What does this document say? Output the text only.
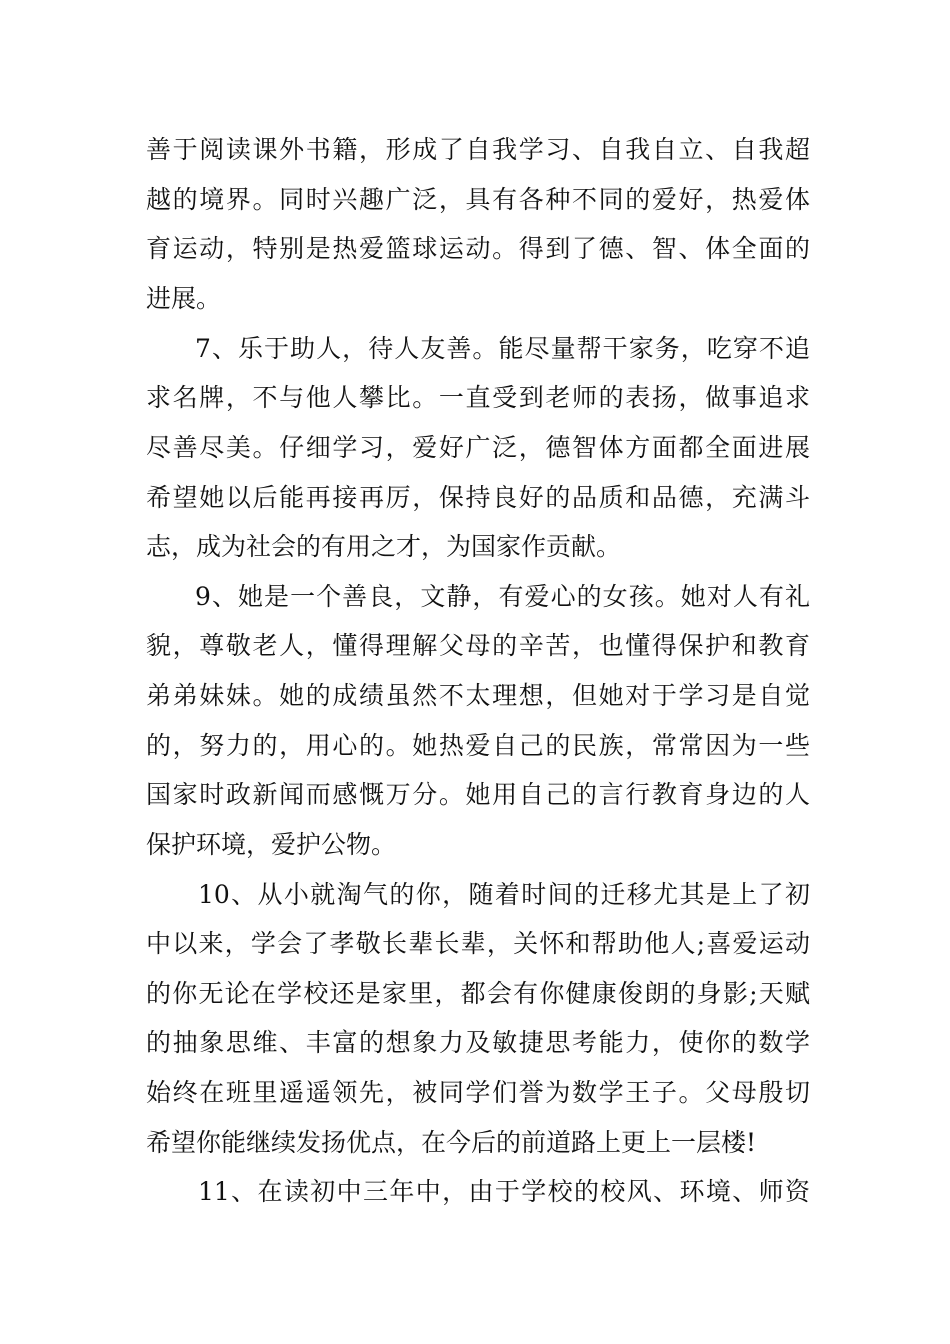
善于阅读课外书籍，形成了自我学习、自我自立、自我超
越的境界。同时兴趣广泛，具有各种不同的爱好，热爱体
育运动，特别是热爱篮球运动。得到了德、智、体全面的
进展。
7、乐于助人，待人友善。能尽量帮干家务，吃穿不追
求名牌，不与他人攀比。一直受到老师的表扬，做事追求
尽善尽美。仔细学习，爱好广泛，德智体方面都全面进展
希望她以后能再接再厉，保持良好的品质和品德，充满斗
志，成为社会的有用之才，为国家作贡献。
9、她是一个善良，文静，有爱心的女孩。她对人有礼
貌，尊敬老人，懂得理解父母的辛苦，也懂得保护和教育
弟弟妹妹。她的成绩虽然不太理想，但她对于学习是自觉
的，努力的，用心的。她热爱自己的民族，常常因为一些
国家时政新闻而感慨万分。她用自己的言行教育身边的人
保护环境，爱护公物。
10、从小就淘气的你，随着时间的迁移尤其是上了初
中以来，学会了孝敬长辈长辈，关怀和帮助他人;喜爱运动
的你无论在学校还是家里，都会有你健康俊朗的身影;天赋
的抽象思维、丰富的想象力及敏捷思考能力，使你的数学
始终在班里遥遥领先，被同学们誉为数学王子。父母殷切
希望你能继续发扬优点，在今后的前道路上更上一层楼!
11、在读初中三年中，由于学校的校风、环境、师资
